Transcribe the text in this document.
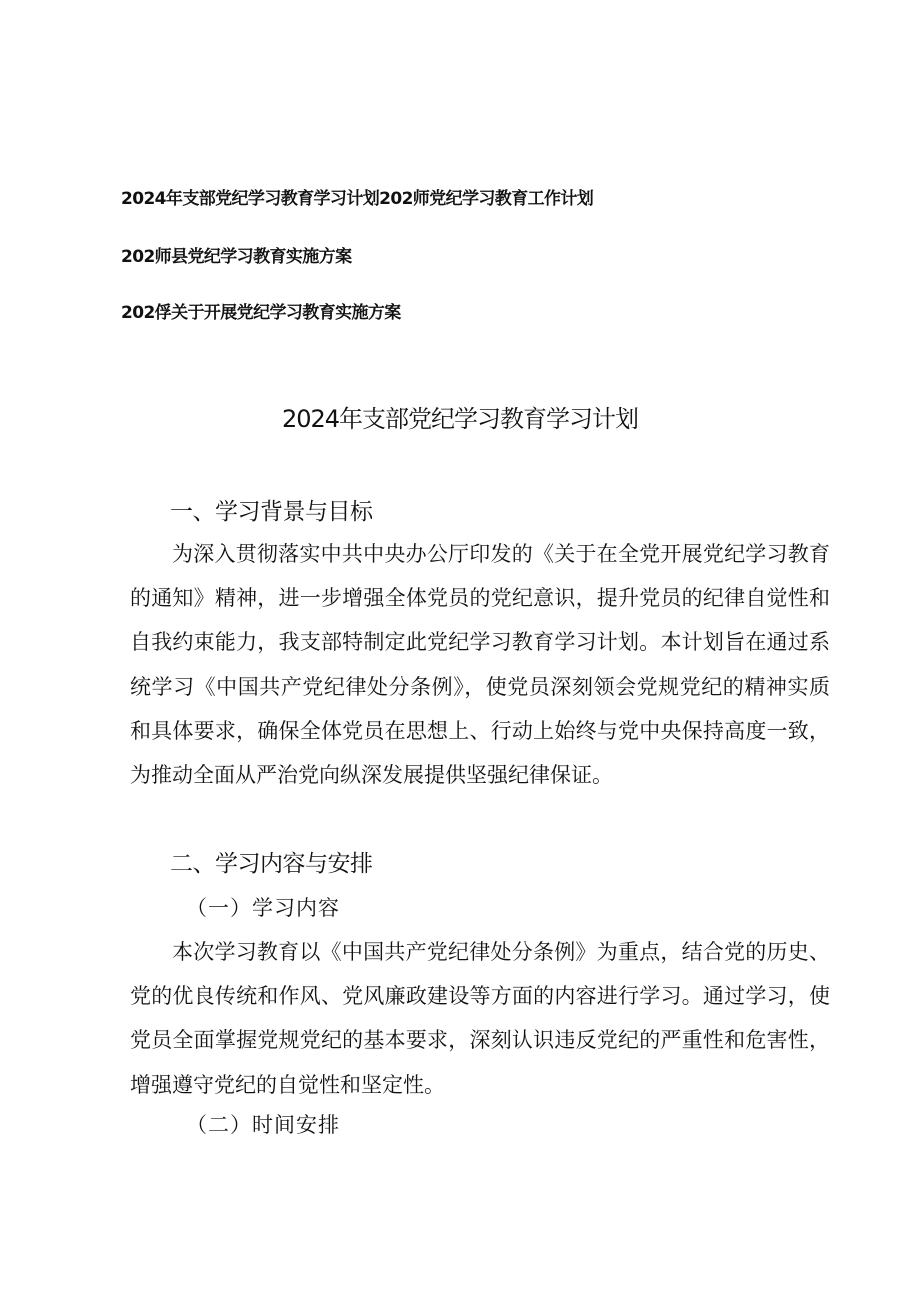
2024年支部党纪学习教育学习计划202师党纪学习教育工作计划
202师县党纪学习教育实施方案
202俘关于开展党纪学习教育实施方案
2024年支部党纪学习教育学习计划
一、学习背景与目标

为深入贯彻落实中共中央办公厅印发的《关于在全党开展党纪学习教育的通知》精神，进一步增强全体党员的党纪意识，提升党员的纪律自觉性和自我约束能力，我支部特制定此党纪学习教育学习计划。本计划旨在通过系统学习《中国共产党纪律处分条例》，使党员深刻领会党规党纪的精神实质和具体要求，确保全体党员在思想上、行动上始终与党中央保持高度一致，为推动全面从严治党向纵深发展提供坚强纪律保证。

二、学习内容与安排
（一）学习内容

本次学习教育以《中国共产党纪律处分条例》为重点，结合党的历史、党的优良传统和作风、党风廉政建设等方面的内容进行学习。通过学习，使党员全面掌握党规党纪的基本要求，深刻认识违反党纪的严重性和危害性，增强遵守党纪的自觉性和坚定性。

（二）时间安排
